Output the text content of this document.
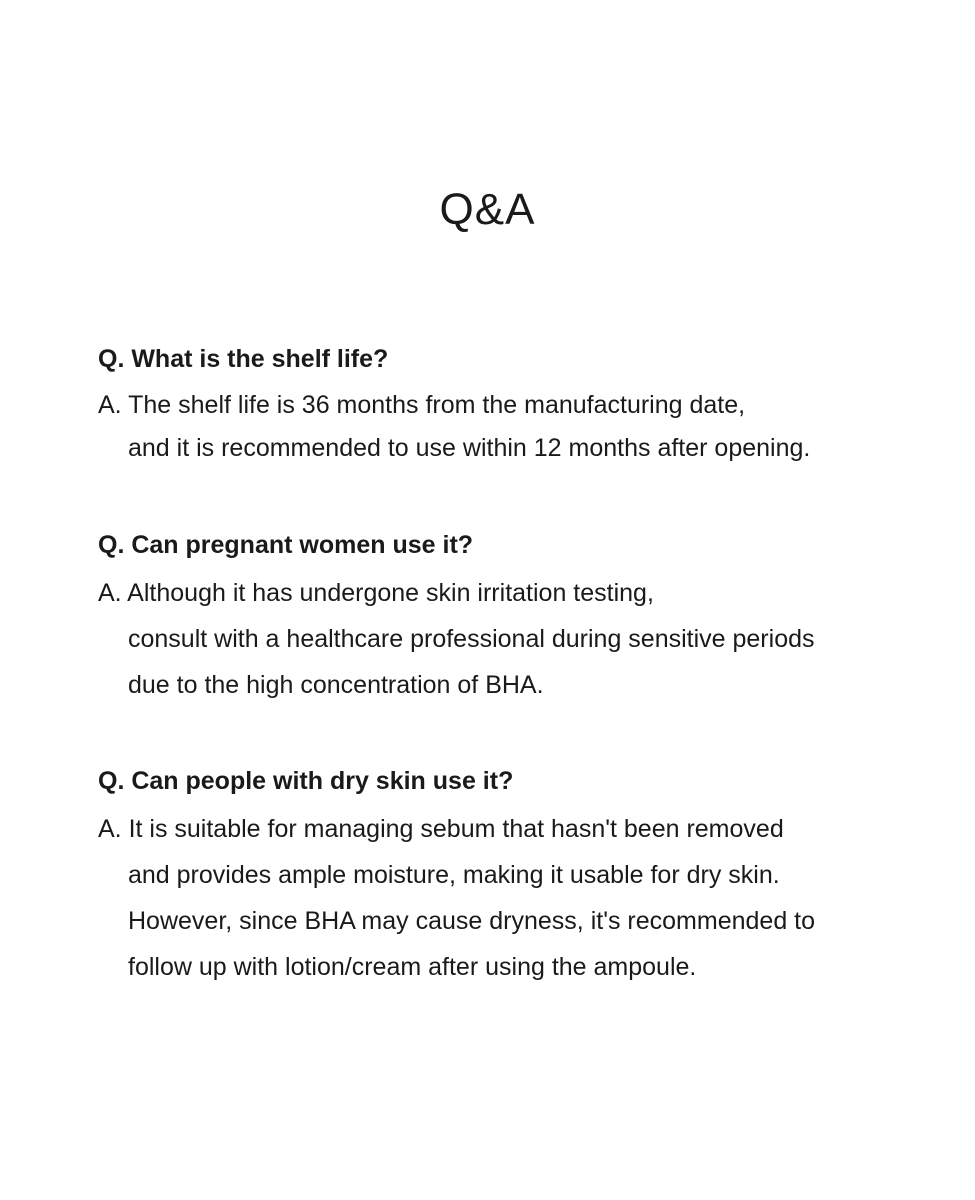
Q&A

Q. What is the shelf life?

A. The shelf life is 36 months from the manufacturing date,
and it is recommended to use within 12 months after opening.

Q. Can pregnant women use it?

A. Although it has undergone skin irritation testing,
consult with a healthcare professional during sensitive periods
due to the high concentration of BHA.

Q. Can people with dry skin use it?

A. It is suitable for managing sebum that hasn't been removed
and provides ample moisture, making it usable for dry skin.
However, since BHA may cause dryness, it's recommended to
follow up with lotion/cream after using the ampoule.
